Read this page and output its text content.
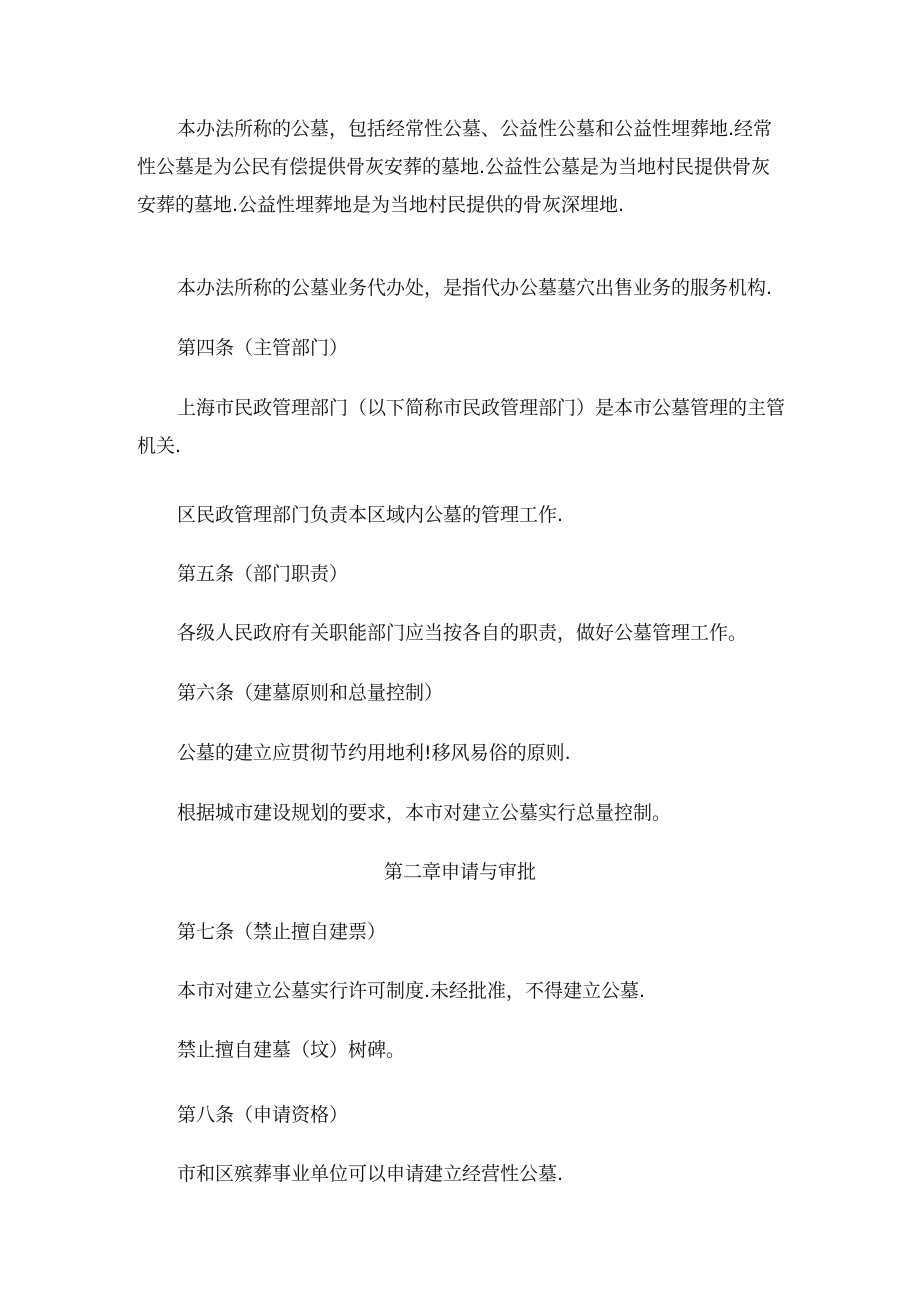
本办法所称的公墓，包括经常性公墓、公益性公墓和公益性埋葬地.经常性公墓是为公民有偿提供骨灰安葬的墓地.公益性公墓是为当地村民提供骨灰安葬的墓地.公益性埋葬地是为当地村民提供的骨灰深埋地.

本办法所称的公墓业务代办处，是指代办公墓墓穴出售业务的服务机构.

第四条（主管部门）

上海市民政管理部门（以下简称市民政管理部门）是本市公墓管理的主管机关.

区民政管理部门负责本区域内公墓的管理工作.

第五条（部门职责）

各级人民政府有关职能部门应当按各自的职责，做好公墓管理工作。

第六条（建墓原则和总量控制）

公墓的建立应贯彻节约用地利!移风易俗的原则.

根据城市建设规划的要求，本市对建立公墓实行总量控制。

第二章申请与审批

第七条（禁止擅自建票）

本市对建立公墓实行许可制度.未经批准，不得建立公墓.

禁止擅自建墓（坟）树碑。

第八条（申请资格）

市和区殡葬事业单位可以申请建立经营性公墓.
